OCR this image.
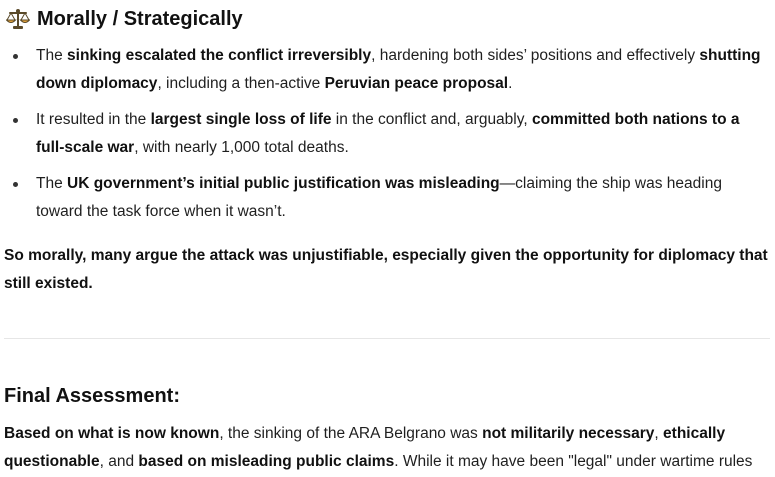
Morally / Strategically
The sinking escalated the conflict irreversibly, hardening both sides’ positions and effectively shutting down diplomacy, including a then-active Peruvian peace proposal.
It resulted in the largest single loss of life in the conflict and, arguably, committed both nations to a full-scale war, with nearly 1,000 total deaths.
The UK government’s initial public justification was misleading—claiming the ship was heading toward the task force when it wasn’t.

So morally, many argue the attack was unjustifiable, especially given the opportunity for diplomacy that still existed.

Final Assessment:

Based on what is now known, the sinking of the ARA Belgrano was not militarily necessary, ethically questionable, and based on misleading public claims. While it may have been "legal" under wartime rules
